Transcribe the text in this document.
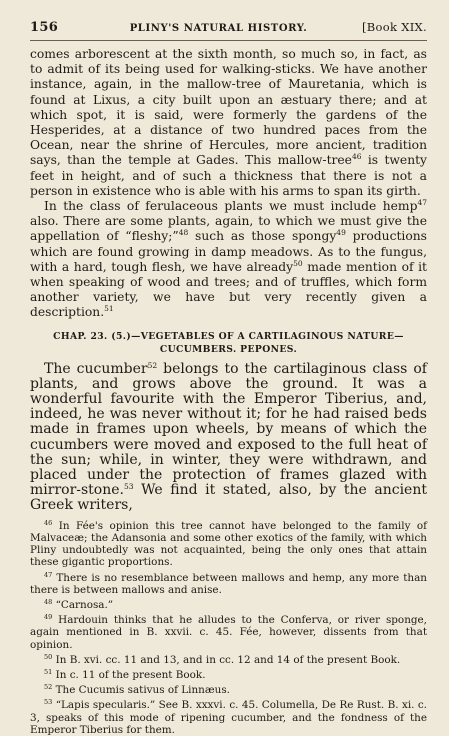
156	PLINY'S NATURAL HISTORY.	[Book XIX.

comes arborescent at the sixth month, so much so, in fact, as to admit of its being used for walking-sticks. We have another instance, again, in the mallow-tree of Mauretania, which is found at Lixus, a city built upon an æstuary there; and at which spot, it is said, were formerly the gardens of the Hesperides, at a distance of two hundred paces from the Ocean, near the shrine of Hercules, more ancient, tradition says, than the temple at Gades. This mallow-tree$^{46}$ is twenty feet in height, and of such a thickness that there is not a person in existence who is able with his arms to span its girth.

In the class of ferulaceous plants we must include hemp$^{47}$ also. There are some plants, again, to which we must give the appellation of “fleshy;”$^{48}$ such as those spongy$^{49}$ productions which are found growing in damp meadows. As to the fungus, with a hard, tough flesh, we have already$^{50}$ made mention of it when speaking of wood and trees; and of truffles, which form another variety, we have but very recently given a description.$^{51}$

CHAP. 23. (5.)—VEGETABLES OF A CARTILAGINOUS NATURE—
CUCUMBERS. PEPONES.

The cucumber$^{52}$ belongs to the cartilaginous class of plants, and grows above the ground. It was a wonderful favourite with the Emperor Tiberius, and, indeed, he was never without it; for he had raised beds made in frames upon wheels, by means of which the cucumbers were moved and exposed to the full heat of the sun; while, in winter, they were withdrawn, and placed under the protection of frames glazed with mirror-stone.$^{53}$ We find it stated, also, by the ancient Greek writers,

$^{46}$ In Fée's opinion this tree cannot have belonged to the family of Malvaceæ; the Adansonia and some other exotics of the family, with which Pliny undoubtedly was not acquainted, being the only ones that attain these gigantic proportions.

$^{47}$ There is no resemblance between mallows and hemp, any more than there is between mallows and anise.

$^{48}$ “Carnosa.”

$^{49}$ Hardouin thinks that he alludes to the Conferva, or river sponge, again mentioned in B. xxvii. c. 45. Fée, however, dissents from that opinion.

$^{50}$ In B. xvi. cc. 11 and 13, and in cc. 12 and 14 of the present Book.

$^{51}$ In c. 11 of the present Book.

$^{52}$ The Cucumis sativus of Linnæus.

$^{53}$ “Lapis specularis.” See B. xxxvi. c. 45. Columella, De Re Rust. B. xi. c. 3, speaks of this mode of ripening cucumber, and the fondness of the Emperor Tiberius for them.
